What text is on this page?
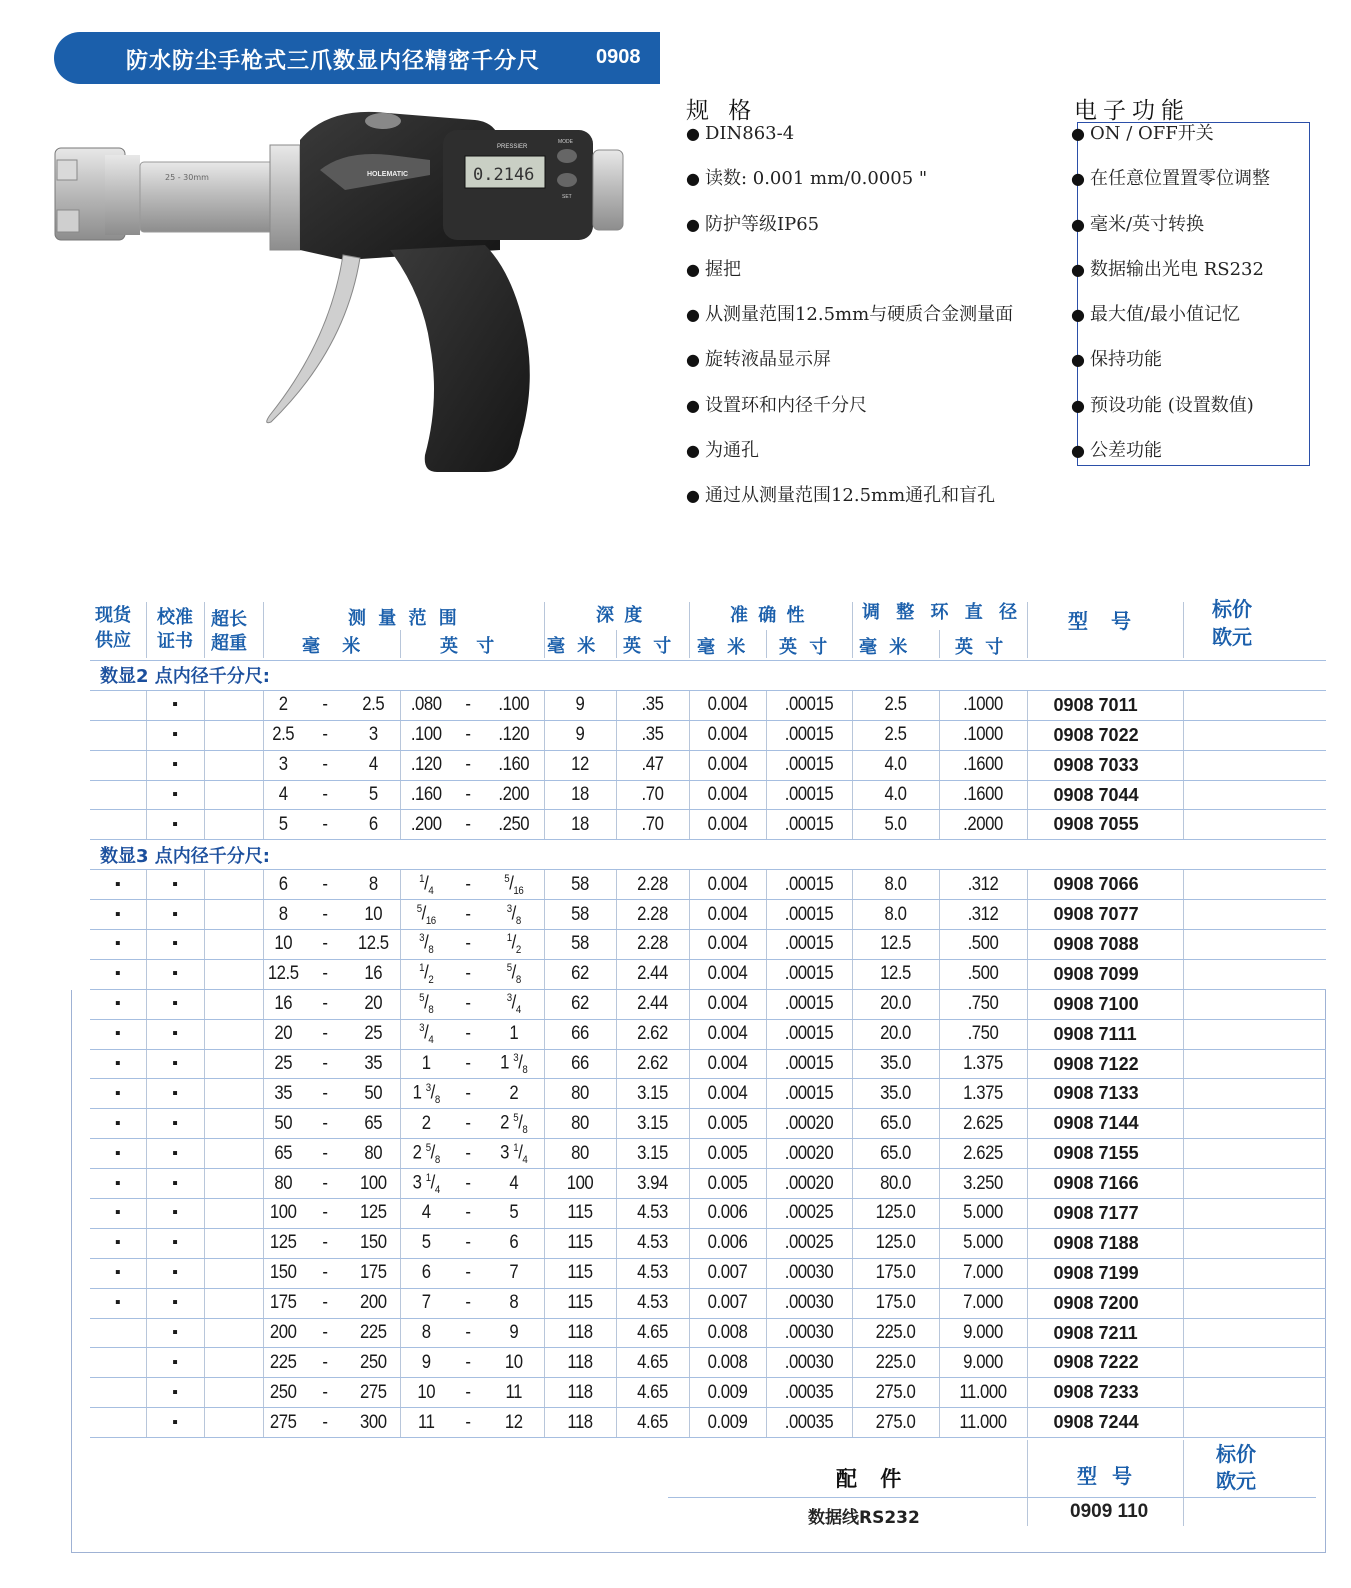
防水防尘手枪式三爪数显内径精密千分尺	0908
25 - 30mm	HOLEMATIC
PRESSIER
0.2146
MODE
SET
规 格
● DIN863-4
● 读数: 0.001 mm/0.0005 "
● 防护等级IP65
● 握把
● 从测量范围12.5mm与硬质合金测量面
● 旋转液晶显示屏
● 设置环和内径千分尺
● 为通孔
● 通过从测量范围12.5mm通孔和盲孔
电子功能
● ON / OFF开关
● 在任意位置置零位调整
● 毫米/英寸转换
● 数据输出光电 RS232
● 最大值/最小值记忆
● 保持功能
● 预设功能 (设置数值)
● 公差功能
现货
供应
校准
证书
超长
超重
测 量 范 围
毫 米	英 寸
深 度
毫 米 英 寸
准 确 性
毫 米 英 寸
调 整 环 直 径
毫 米 英 寸
型 号	标价
欧元
数显2 点内径千分尺:																
	▪		2	-	2.5	.080	-	.100	9	.35	0.004	.00015	2.5	.1000	0908 7011	
	▪		2.5	-	3	.100	-	.120	9	.35	0.004	.00015	2.5	.1000	0908 7022	
	▪		3	-	4	.120	-	.160	12	.47	0.004	.00015	4.0	.1600	0908 7033	
	▪		4	-	5	.160	-	.200	18	.70	0.004	.00015	4.0	.1600	0908 7044	
	▪		5	-	6	.200	-	.250	18	.70	0.004	.00015	5.0	.2000	0908 7055	
数显3 点内径千分尺:																
▪	▪		6	-	8	$^1/_4$	-	$^5/_{16}$	58	2.28	0.004	.00015	8.0	.312	0908 7066	
▪	▪		8	-	10	$^5/_{16}$	-	$^3/_8$	58	2.28	0.004	.00015	8.0	.312	0908 7077	
▪	▪		10	-	12.5	$^3/_8$	-	$^1/_2$	58	2.28	0.004	.00015	12.5	.500	0908 7088	
▪	▪		12.5	-	16	$^1/_2$	-	$^5/_8$	62	2.44	0.004	.00015	12.5	.500	0908 7099	
▪	▪		16	-	20	$^5/_8$	-	$^3/_4$	62	2.44	0.004	.00015	20.0	.750	0908 7100	
▪	▪		20	-	25	$^3/_4$	-	1	66	2.62	0.004	.00015	20.0	.750	0908 7111	
▪	▪		25	-	35	1	-	1 $^3/_8$	66	2.62	0.004	.00015	35.0	1.375	0908 7122	
▪	▪		35	-	50	1 $^3/_8$	-	2	80	3.15	0.004	.00015	35.0	1.375	0908 7133	
▪	▪		50	-	65	2	-	2 $^5/_8$	80	3.15	0.005	.00020	65.0	2.625	0908 7144	
▪	▪		65	-	80	2 $^5/_8$	-	3 $^1/_4$	80	3.15	0.005	.00020	65.0	2.625	0908 7155	
▪	▪		80	-	100	3 $^1/_4$	-	4	100	3.94	0.005	.00020	80.0	3.250	0908 7166	
▪	▪		100	-	125	4	-	5	115	4.53	0.006	.00025	125.0	5.000	0908 7177	
▪	▪		125	-	150	5	-	6	115	4.53	0.006	.00025	125.0	5.000	0908 7188	
▪	▪		150	-	175	6	-	7	115	4.53	0.007	.00030	175.0	7.000	0908 7199	
▪	▪		175	-	200	7	-	8	115	4.53	0.007	.00030	175.0	7.000	0908 7200	
	▪		200	-	225	8	-	9	118	4.65	0.008	.00030	225.0	9.000	0908 7211	
	▪		225	-	250	9	-	10	118	4.65	0.008	.00030	225.0	9.000	0908 7222	
	▪		250	-	275	10	-	11	118	4.65	0.009	.00035	275.0	11.000	0908 7233	
	▪		275	-	300	11	-	12	118	4.65	0.009	.00035	275.0	11.000	0908 7244	
配 件	型 号
标价
欧元
数据线RS232	0909 110
